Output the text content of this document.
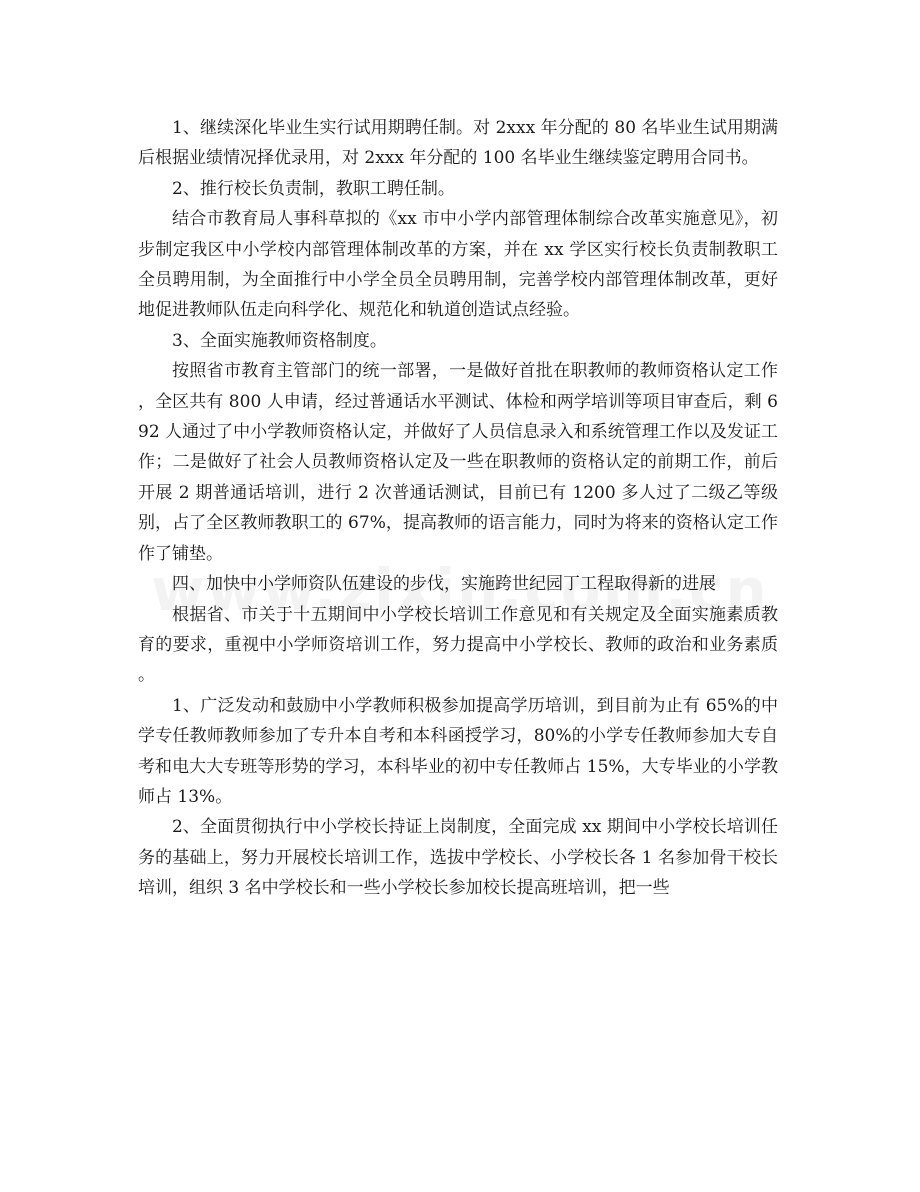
1、继续深化毕业生实行试用期聘任制。对 2xxx 年分配的 80 名毕业生试用期满后根据业绩情况择优录用，对 2xxx 年分配的 100 名毕业生继续鉴定聘用合同书。

2、推行校长负责制，教职工聘任制。

结合市教育局人事科草拟的《xx 市中小学内部管理体制综合改革实施意见》，初步制定我区中小学校内部管理体制改革的方案，并在 xx 学区实行校长负责制教职工全员聘用制，为全面推行中小学全员全员聘用制，完善学校内部管理体制改革，更好地促进教师队伍走向科学化、规范化和轨道创造试点经验。

3、全面实施教师资格制度。

按照省市教育主管部门的统一部署，一是做好首批在职教师的教师资格认定工作，全区共有 800 人申请，经过普通话水平测试、体检和两学培训等项目审查后，剩 692 人通过了中小学教师资格认定，并做好了人员信息录入和系统管理工作以及发证工作；二是做好了社会人员教师资格认定及一些在职教师的资格认定的前期工作，前后开展 2 期普通话培训，进行 2 次普通话测试，目前已有 1200 多人过了二级乙等级别，占了全区教师教职工的 67%，提高教师的语言能力，同时为将来的资格认定工作作了铺垫。

四、加快中小学师资队伍建设的步伐，实施跨世纪园丁工程取得新的进展

根据省、市关于十五期间中小学校长培训工作意见和有关规定及全面实施素质教育的要求，重视中小学师资培训工作，努力提高中小学校长、教师的政治和业务素质。

1、广泛发动和鼓励中小学教师积极参加提高学历培训，到目前为止有 65%的中学专任教师教师参加了专升本自考和本科函授学习，80%的小学专任教师参加大专自考和电大大专班等形势的学习，本科毕业的初中专任教师占 15%，大专毕业的小学教师占 13%。

2、全面贯彻执行中小学校长持证上岗制度，全面完成 xx 期间中小学校长培训任务的基础上，努力开展校长培训工作，选拔中学校长、小学校长各 1 名参加骨干校长培训，组织 3 名中学校长和一些小学校长参加校长提高班培训，把一些
